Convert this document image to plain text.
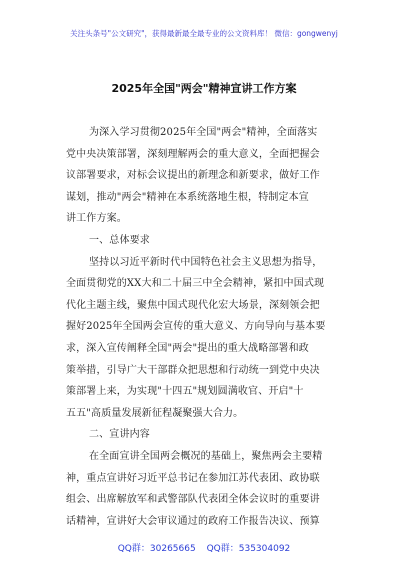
关注头条号"公文研究"，获得最新最全最专业的公文资料库！ 微信：gongwenyj
2025年全国"两会"精神宣讲工作方案
为深入学习贯彻2025年全国"两会"精神，全面落实
党中央决策部署，深刻理解两会的重大意义，全面把握会
议部署要求，对标会议提出的新理念和新要求，做好工作
谋划，推动"两会"精神在本系统落地生根，特制定本宣
讲工作方案。
一、总体要求
坚持以习近平新时代中国特色社会主义思想为指导，
全面贯彻党的XX大和二十届三中全会精神，紧扣中国式现
代化主题主线，聚焦中国式现代化宏大场景，深刻领会把
握好2025年全国两会宣传的重大意义、方向导向与基本要
求，深入宣传阐释全国"两会"提出的重大战略部署和政
策举措，引导广大干部群众把思想和行动统一到党中央决
策部署上来，为实现"十四五"规划圆满收官、开启"十
五五"高质量发展新征程凝聚强大合力。
二、宣讲内容
在全面宣讲全国两会概况的基础上，聚焦两会主要精
神，重点宣讲好习近平总书记在参加江苏代表团、政协联
组会、出席解放军和武警部队代表团全体会议时的重要讲
话精神，宣讲好大会审议通过的政府工作报告决议、预算
QQ群：30265665 QQ群：535304092
